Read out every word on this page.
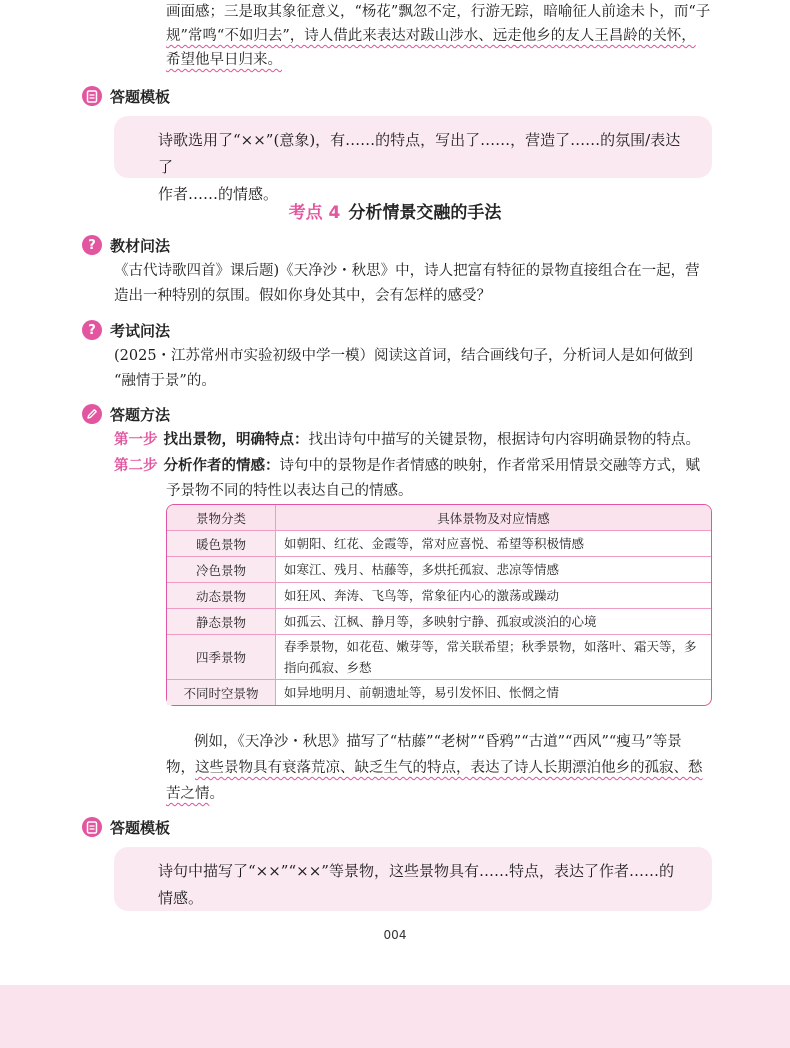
画面感；三是取其象征意义，“杨花”飘忽不定，行游无踪，暗喻征人前途未卜，而“子
规”常鸣“不如归去”，诗人借此来表达对跋山涉水、远走他乡的友人王昌龄的关怀，
希望他早日归来。
答题模板
诗歌选用了“××”(意象)，有……的特点，写出了……，营造了……的氛围/表达了
作者……的情感。
考点 4 分析情景交融的手法
? 教材问法
《古代诗歌四首》课后题)《天净沙・秋思》中，诗人把富有特征的景物直接组合在一起，营
造出一种特别的氛围。假如你身处其中，会有怎样的感受？
? 考试问法
(2025・江苏常州市实验初级中学一模）阅读这首词，结合画线句子，分析词人是如何做到
“融情于景”的。
答题方法
第一步 找出景物，明确特点：找出诗句中描写的关键景物，根据诗句内容明确景物的特点。
第二步 分析作者的情感：诗句中的景物是作者情感的映射，作者常采用情景交融等方式，赋
予景物不同的特性以表达自己的情感。
景物分类	具体景物及对应情感
暖色景物	如朝阳、红花、金霞等，常对应喜悦、希望等积极情感
冷色景物	如寒江、残月、枯藤等，多烘托孤寂、悲凉等情感
动态景物	如狂风、奔涛、飞鸟等，常象征内心的激荡或躁动
静态景物	如孤云、江枫、静月等，多映射宁静、孤寂或淡泊的心境
四季景物	春季景物，如花苞、嫩芽等，常关联希望；秋季景物，如落叶、霜天等，多指向孤寂、乡愁
不同时空景物	如异地明月、前朝遗址等，易引发怀旧、怅惘之情
例如，《天净沙・秋思》描写了“枯藤”“老树”“昏鸦”“古道”“西风”“瘦马”等景
物，这些景物具有衰落荒凉、缺乏生气的特点，表达了诗人长期漂泊他乡的孤寂、愁
苦之情。
答题模板
诗句中描写了“××”“××”等景物，这些景物具有……特点，表达了作者……的
情感。
004
